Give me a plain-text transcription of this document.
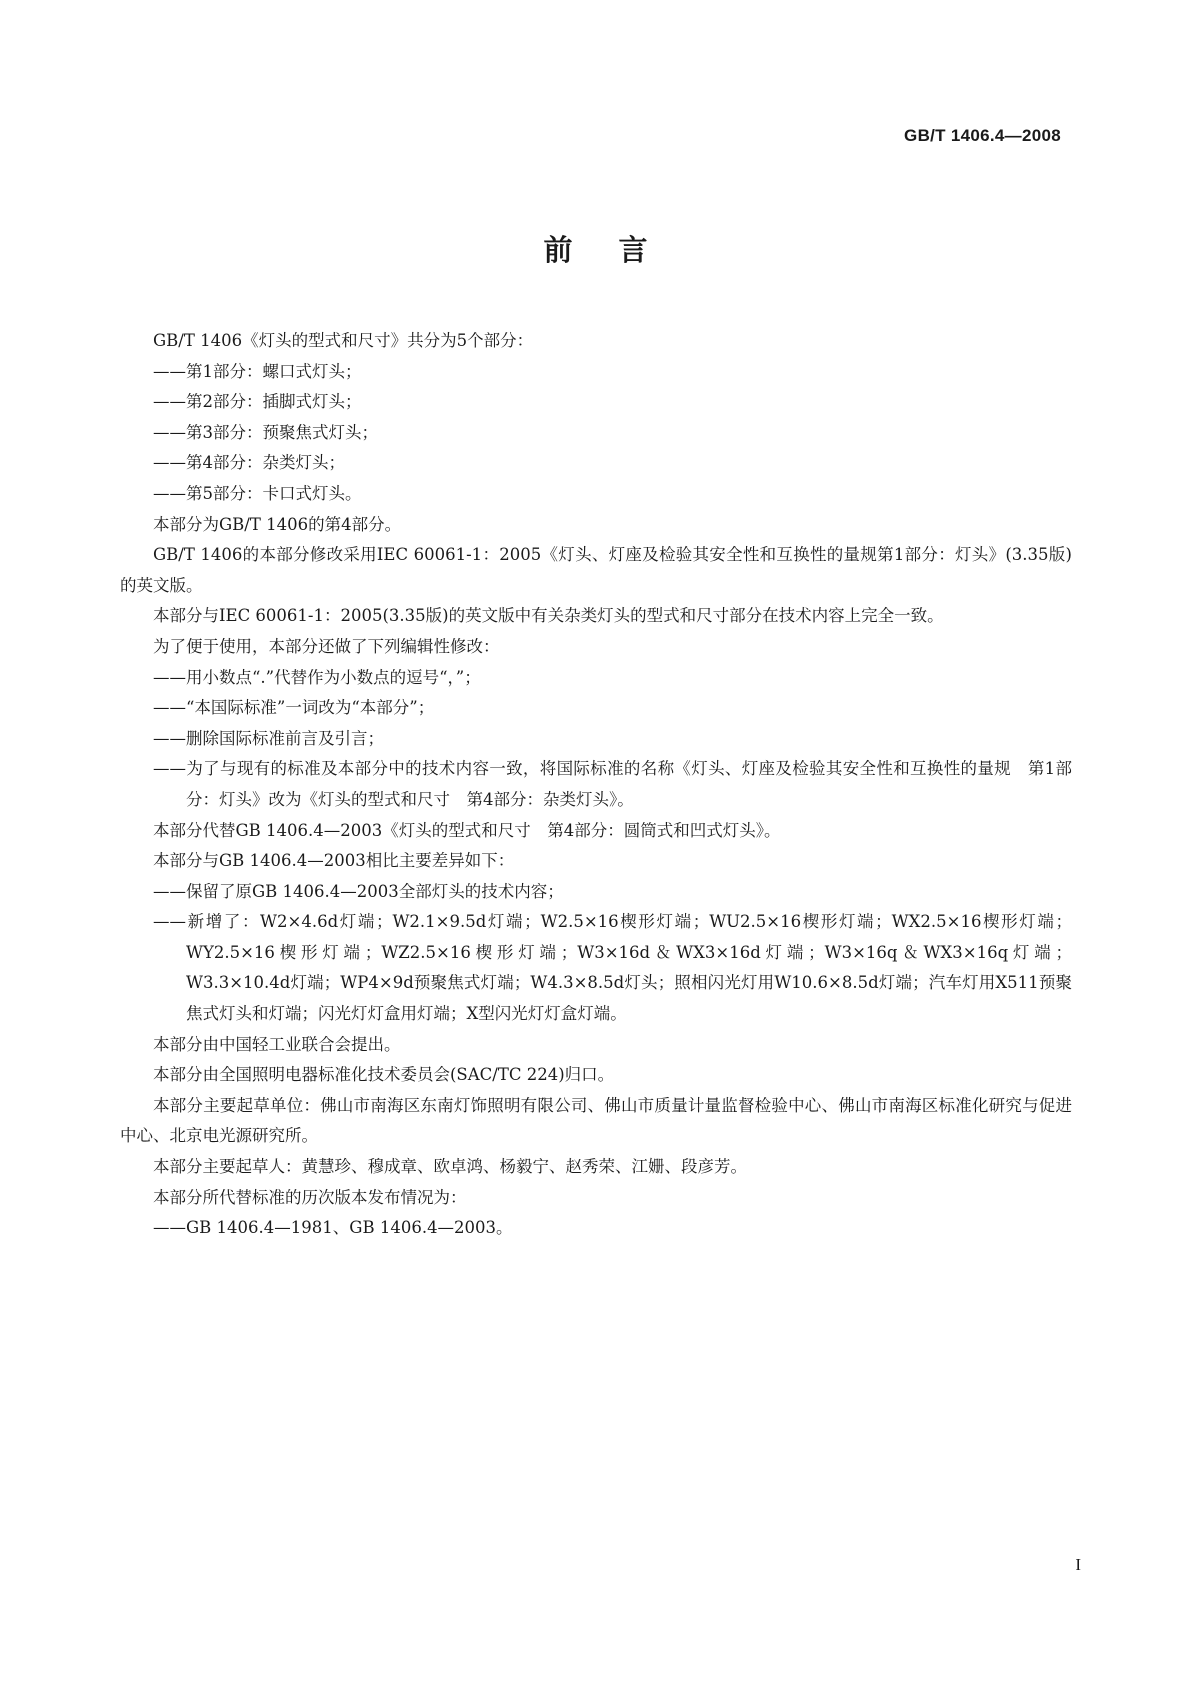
GB/T 1406.4—2008
前言

GB/T 1406《灯头的型式和尺寸》共分为5个部分：

——第1部分：螺口式灯头；

——第2部分：插脚式灯头；

——第3部分：预聚焦式灯头；

——第4部分：杂类灯头；

——第5部分：卡口式灯头。

本部分为GB/T 1406的第4部分。

GB/T 1406的本部分修改采用IEC 60061-1：2005《灯头、灯座及检验其安全性和互换性的量规第1部分：灯头》(3.35版)的英文版。

本部分与IEC 60061-1：2005(3.35版)的英文版中有关杂类灯头的型式和尺寸部分在技术内容上完全一致。

为了便于使用，本部分还做了下列编辑性修改：

——用小数点“.”代替作为小数点的逗号“，”；

——“本国际标准”一词改为“本部分”；

——删除国际标准前言及引言；

——为了与现有的标准及本部分中的技术内容一致，将国际标准的名称《灯头、灯座及检验其安全性和互换性的量规　第1部分：灯头》改为《灯头的型式和尺寸　第4部分：杂类灯头》。

本部分代替GB 1406.4—2003《灯头的型式和尺寸　第4部分：圆筒式和凹式灯头》。

本部分与GB 1406.4—2003相比主要差异如下：

——保留了原GB 1406.4—2003全部灯头的技术内容；

——新增了：W2×4.6d灯端；W2.1×9.5d灯端；W2.5×16楔形灯端；WU2.5×16楔形灯端；WX2.5×16楔形灯端；WY2.5×16楔形灯端；WZ2.5×16楔形灯端；W3×16d＆WX3×16d灯端；W3×16q＆WX3×16q灯端；W3.3×10.4d灯端；WP4×9d预聚焦式灯端；W4.3×8.5d灯头；照相闪光灯用W10.6×8.5d灯端；汽车灯用X511预聚焦式灯头和灯端；闪光灯灯盒用灯端；X型闪光灯灯盒灯端。

本部分由中国轻工业联合会提出。

本部分由全国照明电器标准化技术委员会(SAC/TC 224)归口。

本部分主要起草单位：佛山市南海区东南灯饰照明有限公司、佛山市质量计量监督检验中心、佛山市南海区标准化研究与促进中心、北京电光源研究所。

本部分主要起草人：黄慧珍、穆成章、欧卓鸿、杨毅宁、赵秀荣、江姗、段彦芳。

本部分所代替标准的历次版本发布情况为：

——GB 1406.4—1981、GB 1406.4—2003。

I
